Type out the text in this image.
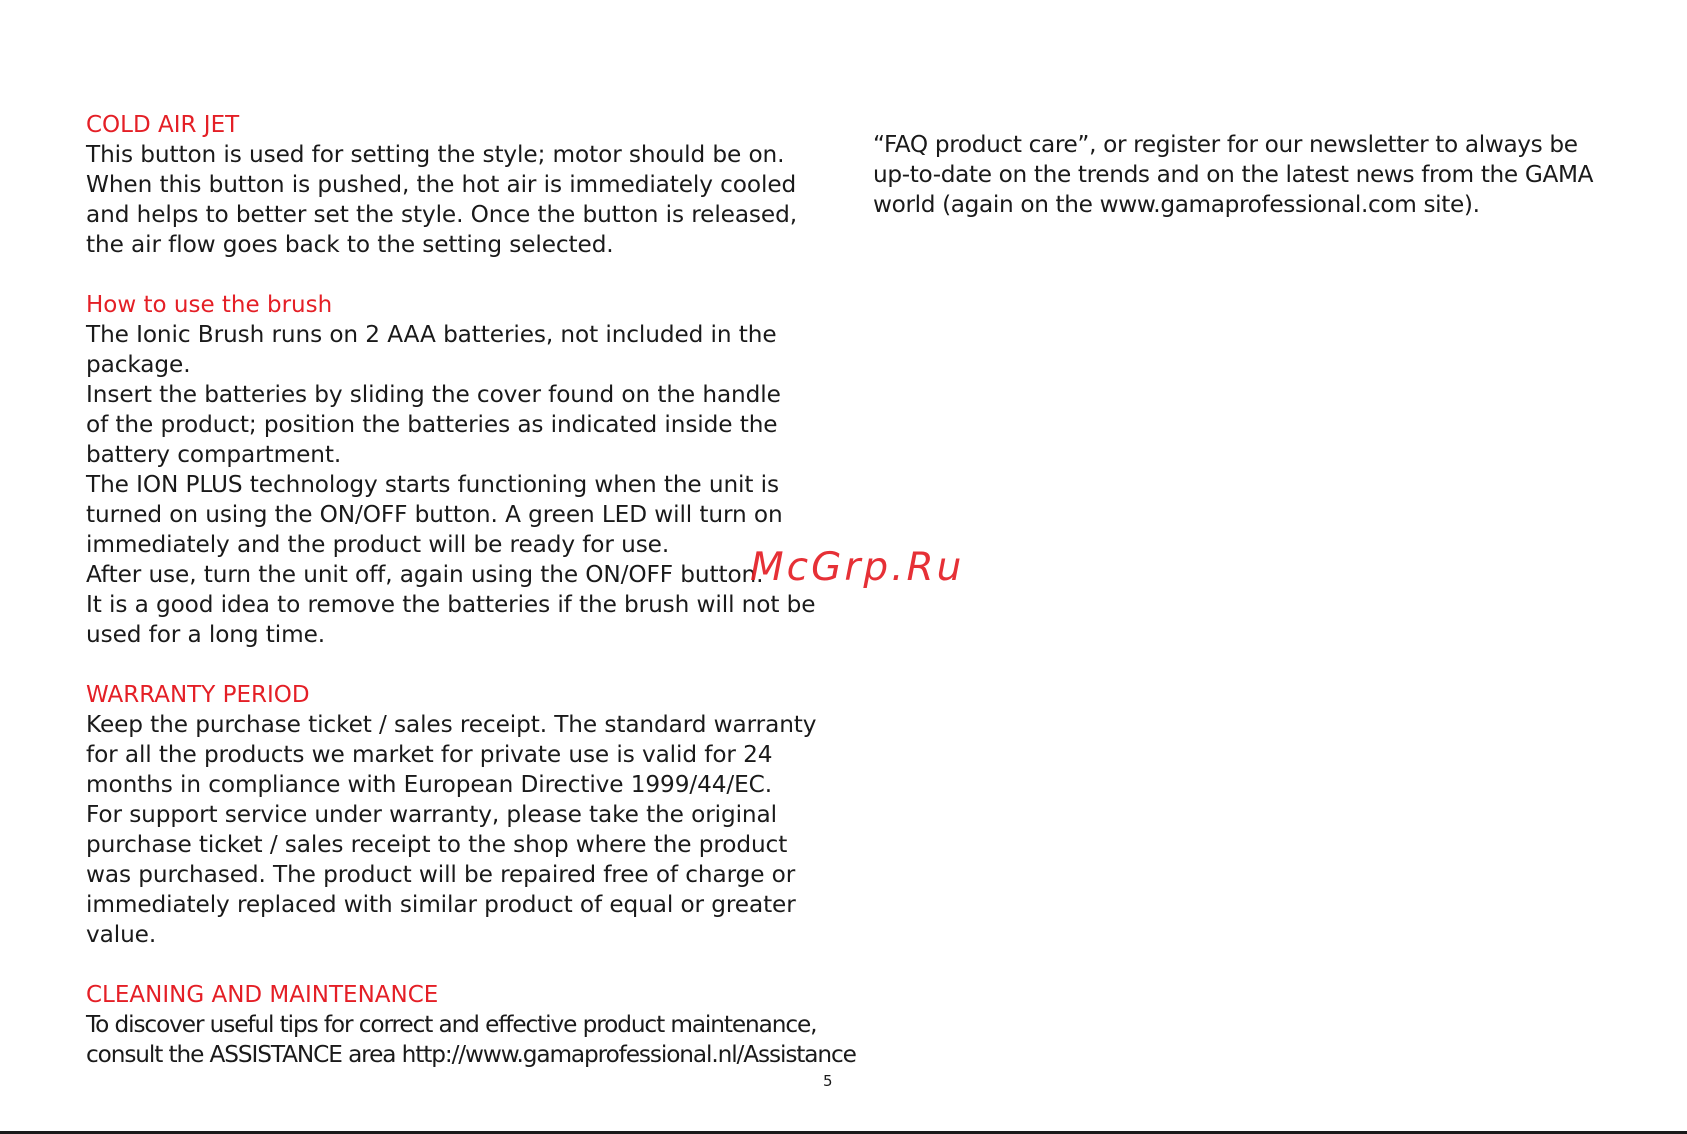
COLD AIR JET
This button is used for setting the style; motor should be on.
When this button is pushed, the hot air is immediately cooled
and helps to better set the style. Once the button is released,
the air flow goes back to the setting selected.
How to use the brush
The Ionic Brush runs on 2 AAA batteries, not included in the
package.
Insert the batteries by sliding the cover found on the handle
of the product; position the batteries as indicated inside the
battery compartment.
The ION PLUS technology starts functioning when the unit is
turned on using the ON/OFF button. A green LED will turn on
immediately and the product will be ready for use.
After use, turn the unit off, again using the ON/OFF button.
It is a good idea to remove the batteries if the brush will not be
used for a long time.
WARRANTY PERIOD
Keep the purchase ticket / sales receipt. The standard warranty
for all the products we market for private use is valid for 24
months in compliance with European Directive 1999/44/EC.
For support service under warranty, please take the original
purchase ticket / sales receipt to the shop where the product
was purchased. The product will be repaired free of charge or
immediately replaced with similar product of equal or greater
value.
CLEANING AND MAINTENANCE
To discover useful tips for correct and effective product maintenance,
consult the ASSISTANCE area http://www.gamaprofessional.nl/Assistance
“FAQ product care”, or register for our newsletter to always be
up-to-date on the trends and on the latest news from the GAMA
world (again on the www.gamaprofessional.com site).
McGrp.Ru
5
